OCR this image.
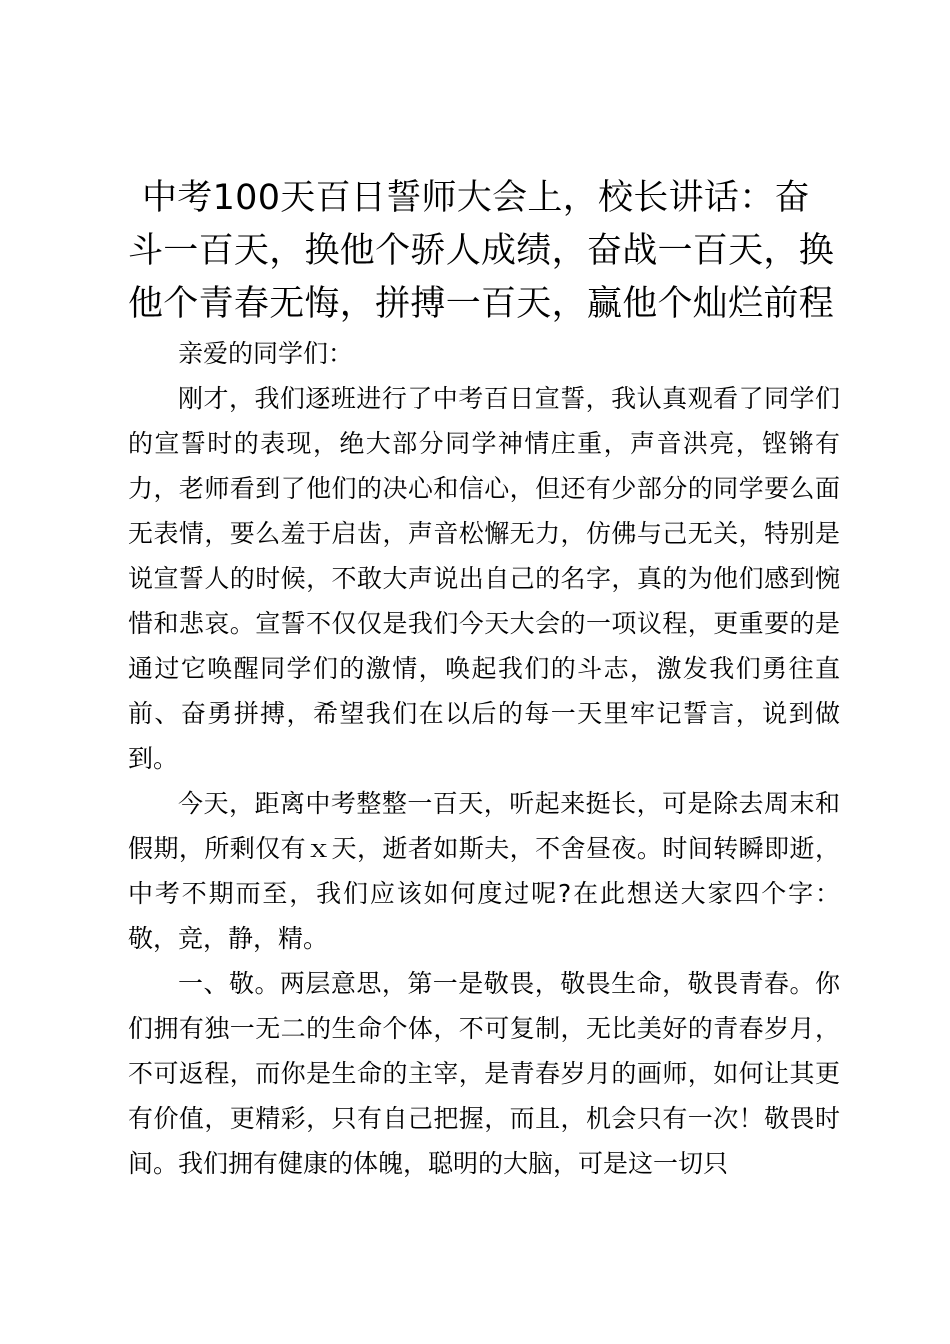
中考100天百日誓师大会上，校长讲话：奋斗一百天，换他个骄人成绩，奋战一百天，换他个青春无悔，拼搏一百天，赢他个灿烂前程

亲爱的同学们：

刚才，我们逐班进行了中考百日宣誓，我认真观看了同学们的宣誓时的表现，绝大部分同学神情庄重，声音洪亮，铿锵有力，老师看到了他们的决心和信心，但还有少部分的同学要么面无表情，要么羞于启齿，声音松懈无力，仿佛与己无关，特别是说宣誓人的时候，不敢大声说出自己的名字，真的为他们感到惋惜和悲哀。宣誓不仅仅是我们今天大会的一项议程，更重要的是通过它唤醒同学们的激情，唤起我们的斗志，激发我们勇往直前、奋勇拼搏，希望我们在以后的每一天里牢记誓言，说到做到。

今天，距离中考整整一百天，听起来挺长，可是除去周末和假期，所剩仅有ｘ天，逝者如斯夫，不舍昼夜。时间转瞬即逝，中考不期而至，我们应该如何度过呢?在此想送大家四个字：敬，竞，静，精。

一、敬。两层意思，第一是敬畏，敬畏生命，敬畏青春。你们拥有独一无二的生命个体，不可复制，无比美好的青春岁月，不可返程，而你是生命的主宰，是青春岁月的画师，如何让其更有价值，更精彩，只有自己把握，而且，机会只有一次！敬畏时间。我们拥有健康的体魄，聪明的大脑，可是这一切只
